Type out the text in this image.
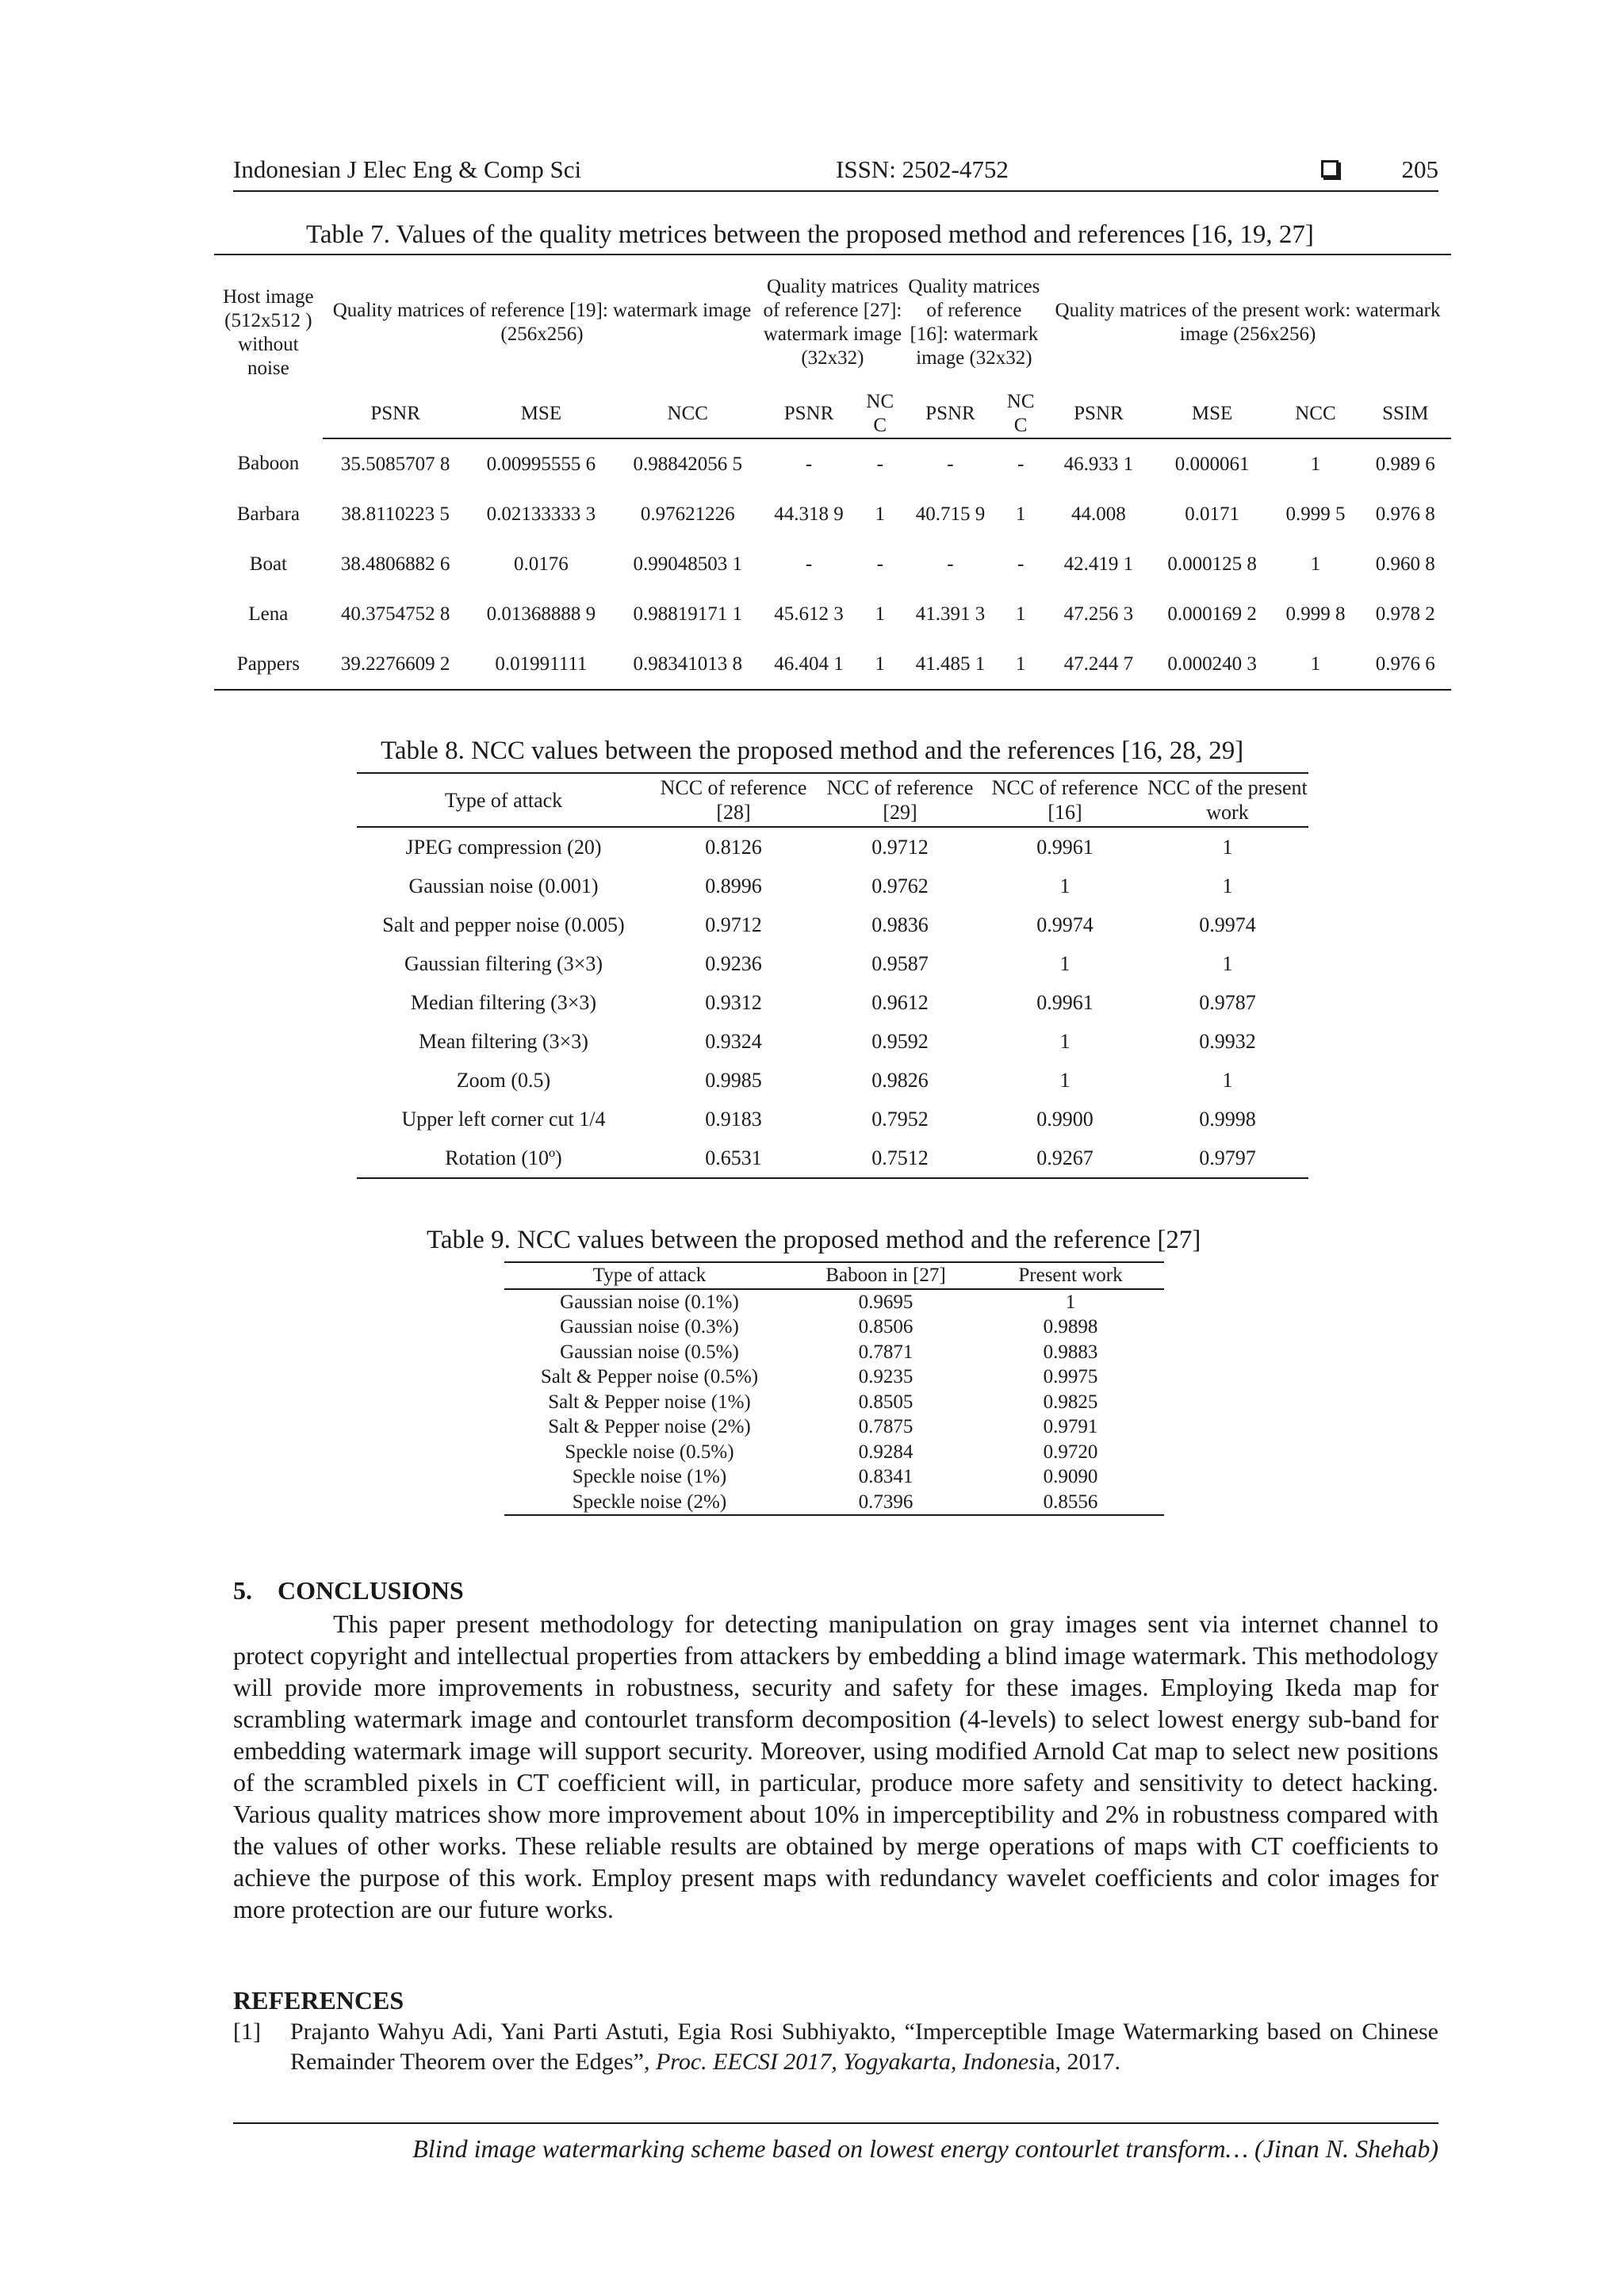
Indonesian J Elec Eng & Comp Sci	ISSN: 2502-4752	205
Table 7. Values of the quality metrices between the proposed method and references [16, 19, 27]
Host image (512x512 ) without noise	Quality matrices of reference [19]: watermark image (256x256)			Quality matrices of reference [27]: watermark image (32x32)		Quality matrices of reference [16]: watermark image (32x32)		Quality matrices of the present work: watermark image (256x256)			
	PSNR	MSE	NCC	PSNR	NC C	PSNR	NC C	PSNR	MSE	NCC	SSIM
Baboon	35.5085707 8	0.00995555 6	0.98842056 5	-	-	-	-	46.933 1	0.000061	1	0.989 6
Barbara	38.8110223 5	0.02133333 3	0.97621226	44.318 9	1	40.715 9	1	44.008	0.0171	0.999 5	0.976 8
Boat	38.4806882 6	0.0176	0.99048503 1	-	-	-	-	42.419 1	0.000125 8	1	0.960 8
Lena	40.3754752 8	0.01368888 9	0.98819171 1	45.612 3	1	41.391 3	1	47.256 3	0.000169 2	0.999 8	0.978 2
Pappers	39.2276609 2	0.01991111	0.98341013 8	46.404 1	1	41.485 1	1	47.244 7	0.000240 3	1	0.976 6
Table 8. NCC values between the proposed method and the references [16, 28, 29]
Type of attack	NCC of reference [28]	NCC of reference [29]	NCC of reference [16]	NCC of the present work
JPEG compression (20)	0.8126	0.9712	0.9961	1
Gaussian noise (0.001)	0.8996	0.9762	1	1
Salt and pepper noise (0.005)	0.9712	0.9836	0.9974	0.9974
Gaussian filtering (3×3)	0.9236	0.9587	1	1
Median filtering (3×3)	0.9312	0.9612	0.9961	0.9787
Mean filtering (3×3)	0.9324	0.9592	1	0.9932
Zoom (0.5)	0.9985	0.9826	1	1
Upper left corner cut 1/4	0.9183	0.7952	0.9900	0.9998
Rotation (10º)	0.6531	0.7512	0.9267	0.9797
Table 9. NCC values between the proposed method and the reference [27]
Type of attack	Baboon in [27]	Present work
Gaussian noise (0.1%)	0.9695	1
Gaussian noise (0.3%)	0.8506	0.9898
Gaussian noise (0.5%)	0.7871	0.9883
Salt & Pepper noise (0.5%)	0.9235	0.9975
Salt & Pepper noise (1%)	0.8505	0.9825
Salt & Pepper noise (2%)	0.7875	0.9791
Speckle noise (0.5%)	0.9284	0.9720
Speckle noise (1%)	0.8341	0.9090
Speckle noise (2%)	0.7396	0.8556
5.    CONCLUSIONS
This paper present methodology for detecting manipulation on gray images sent via internet channel to protect copyright and intellectual properties from attackers by embedding a blind image watermark. This methodology will provide more improvements in robustness, security and safety for these images. Employing Ikeda map for scrambling watermark image and contourlet transform decomposition (4-levels) to select lowest energy sub-band for embedding watermark image will support security. Moreover, using modified Arnold Cat map to select new positions of the scrambled pixels in CT coefficient will, in particular, produce more safety and sensitivity to detect hacking. Various quality matrices show more improvement about 10% in imperceptibility and 2% in robustness compared with the values of other works. These reliable results are obtained by merge operations of maps with CT coefficients to achieve the purpose of this work. Employ present maps with redundancy wavelet coefficients and color images for more protection are our future works.
REFERENCES
[1] Prajanto Wahyu Adi, Yani Parti Astuti, Egia Rosi Subhiyakto, “Imperceptible Image Watermarking based on Chinese Remainder Theorem over the Edges”, Proc. EECSI 2017, Yogyakarta, Indonesia, 2017.
Blind image watermarking scheme based on lowest energy contourlet transform… (Jinan N. Shehab)
